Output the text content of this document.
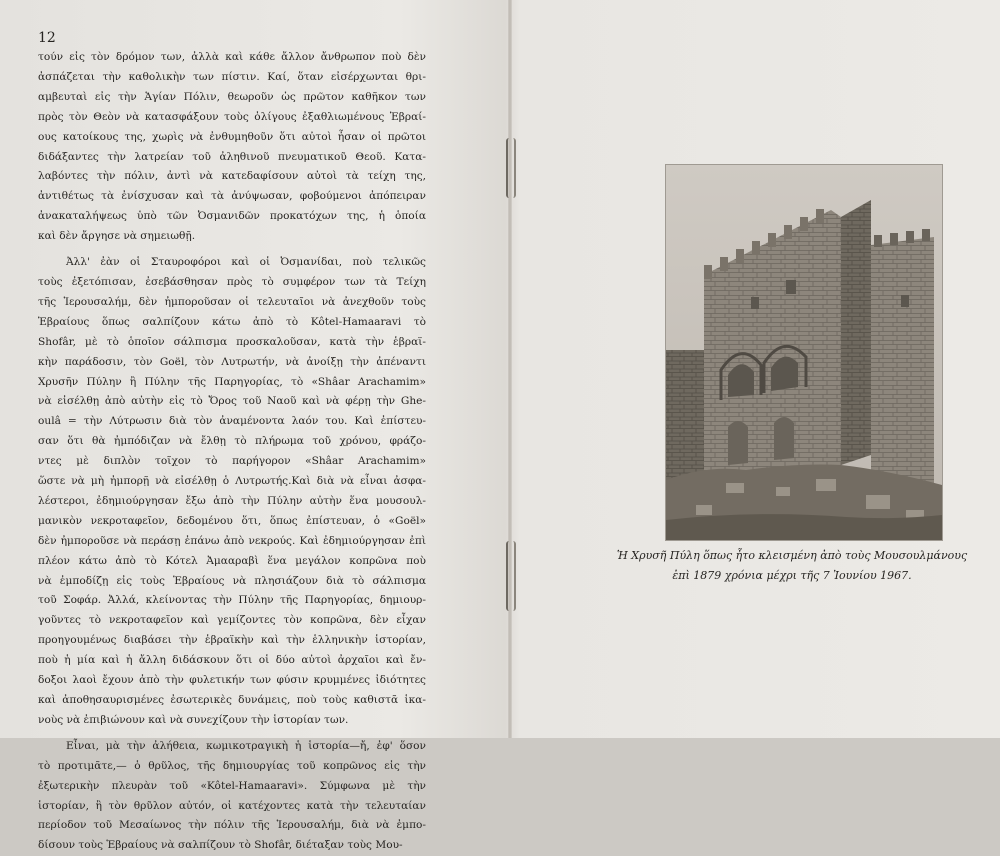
12
τούν εἰς τὸν δρόμον των, ἀλλὰ καὶ κάθε ἄλλον ἄνθρωπον ποὺ δὲν
ἀσπάζεται τὴν καθολικὴν των πίστιν. Καί, ὅταν εἰσέρχωνται θρι-
αμβευταὶ εἰς τὴν Ἁγίαν Πόλιν, θεωροῦν ὡς πρῶτον καθῆκον των
πρὸς τὸν Θεὸν νὰ κατασφάξουν τοὺς ὀλίγους ἐξαθλιωμένους Ἑβραί-
ους κατοίκους της, χωρὶς νὰ ἐνθυμηθοῦν ὅτι αὐτοὶ ἦσαν οἱ πρῶτοι
διδάξαντες τὴν λατρείαν τοῦ ἀληθινοῦ πνευματικοῦ Θεοῦ. Κατα-
λαβόντες τὴν πόλιν, ἀντὶ νὰ κατεδαφίσουν αὐτοὶ τὰ τείχη της,
ἀντιθέτως τὰ ἐνίσχυσαν καὶ τὰ ἀνύψωσαν, φοβούμενοι ἀπόπειραν
ἀνακαταλήψεως ὑπὸ τῶν Ὀσμανιδῶν προκατόχων της, ἡ ὁποία
καὶ δὲν ἄργησε νὰ σημειωθῇ.
Ἀλλ' ἐὰν οἱ Σταυροφόροι καὶ οἱ Ὀσμανίδαι, ποὺ τελικῶς
τοὺς ἐξετόπισαν, ἐσεβάσθησαν πρὸς τὸ συμφέρον των τὰ Τείχη
τῆς Ἱερουσαλήμ, δὲν ἠμποροῦσαν οἱ τελευταῖοι νὰ ἀνεχθοῦν τοὺς
Ἑβραίους ὅπως σαλπίζουν κάτω ἀπὸ τὸ Kôtel-Hamaaravi τὸ
Shofâr, μὲ τὸ ὁποῖον σάλπισμα προσκαλοῦσαν, κατὰ τὴν ἑβραϊ-
κὴν παράδοσιν, τὸν Goël, τὸν Λυτρωτήν, νὰ ἀνοίξῃ τὴν ἀπέναντι
Χρυσῆν Πύλην ἢ Πύλην τῆς Παρηγορίας, τὸ «Shâar Arachamim»
νὰ εἰσέλθῃ ἀπὸ αὐτὴν εἰς τὸ Ὄρος τοῦ Ναοῦ καὶ νὰ φέρῃ τὴν Ghe-
oulâ = τὴν Λύτρωσιν διὰ τὸν ἀναμένοντα λαόν του. Καὶ ἐπίστευ-
σαν ὅτι θὰ ἠμπόδιζαν νὰ ἔλθῃ τὸ πλήρωμα τοῦ χρόνου, φράζο-
ντες μὲ διπλὸν τοῖχον τὸ παρήγορον «Shâar Arachamim»
ὥστε νὰ μὴ ἠμπορῇ νὰ εἰσέλθῃ ὁ Λυτρωτής.Καὶ διὰ νὰ εἶναι ἀσφα-
λέστεροι, ἐδημιούργησαν ἔξω ἀπὸ τὴν Πύλην αὐτὴν ἕνα μουσουλ-
μανικὸν νεκροταφεῖον, δεδομένου ὅτι, ὅπως ἐπίστευαν, ὁ «Goël»
δὲν ἠμποροῦσε νὰ περάσῃ ἐπάνω ἀπὸ νεκρούς. Καὶ ἐδημιούργησαν ἐπὶ
πλέον κάτω ἀπὸ τὸ Κότελ Ἀμααραβὶ ἕνα μεγάλον κοπρῶνα ποὺ
νὰ ἐμποδίζῃ εἰς τοὺς Ἑβραίους νὰ πλησιάζουν διὰ τὸ σάλπισμα
τοῦ Σοφάρ. Ἀλλά, κλείνοντας τὴν Πύλην τῆς Παρηγορίας, δημιουρ-
γοῦντες τὸ νεκροταφεῖον καὶ γεμίζοντες τὸν κοπρῶνα, δὲν εἶχαν
προηγουμένως διαβάσει τὴν ἑβραϊκὴν καὶ τὴν ἑλληνικὴν ἱστορίαν,
ποὺ ἡ μία καὶ ἡ ἄλλη διδάσκουν ὅτι οἱ δύο αὐτοὶ ἀρχαῖοι καὶ ἔν-
δοξοι λαοὶ ἔχουν ἀπὸ τὴν φυλετικήν των φύσιν κρυμμένες ἰδιότητες
καὶ ἀποθησαυρισμένες ἐσωτερικὲς δυνάμεις, ποὺ τοὺς καθιστᾶ ἱκα-
νοὺς νὰ ἐπιβιώνουν καὶ νὰ συνεχίζουν τὴν ἱστορίαν των.
Εἶναι, μὰ τὴν ἀλήθεια, κωμικοτραγικὴ ἡ ἱστορία—ἤ, ἐφ' ὅσον
τὸ προτιμᾶτε,— ὁ θρῦλος, τῆς δημιουργίας τοῦ κοπρῶνος εἰς τὴν
ἐξωτερικὴν πλευρὰν τοῦ «Kôtel-Hamaaravi». Σύμφωνα μὲ τὴν
ἱστορίαν, ἢ τὸν θρῦλον αὐτόν, οἱ κατέχοντες κατὰ τὴν τελευταίαν
περίοδον τοῦ Μεσαίωνος τὴν πόλιν τῆς Ἱερουσαλήμ, διὰ νὰ ἐμπο-
δίσουν τοὺς Ἑβραίους νὰ σαλπίζουν τὸ Shofâr, διέταξαν τοὺς Μου-
Ἡ Χρυσῆ Πύλη ὅπως ἦτο κλεισμένη ἀπὸ τοὺς Μουσουλμάνους
ἐπὶ 1879 χρόνια μέχρι τῆς 7 Ἰουνίου 1967.
